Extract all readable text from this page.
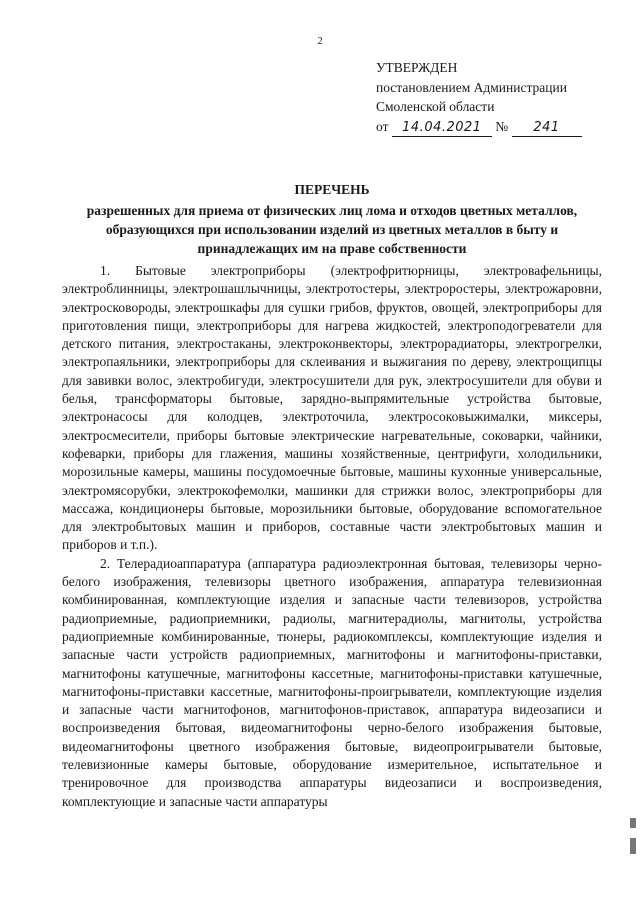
2
УТВЕРЖДЕН
постановлением Администрации
Смоленской области
от 14.04.2021 № 241
ПЕРЕЧЕНЬ
разрешенных для приема от физических лиц лома и отходов цветных металлов, образующихся при использовании изделий из цветных металлов в быту и принадлежащих им на праве собственности

1. Бытовые электроприборы (электрофритюрницы, электровафельницы, электроблинницы, электрошашлычницы, электротостеры, электроростеры, электрожаровни, электросковороды, электрошкафы для сушки грибов, фруктов, овощей, электроприборы для приготовления пищи, электроприборы для нагрева жидкостей, электроподогреватели для детского питания, электростаканы, электроконвекторы, электрорадиаторы, электрогрелки, электропаяльники, электроприборы для склеивания и выжигания по дереву, электрощипцы для завивки волос, электробигуди, электросушители для рук, электросушители для обуви и белья, трансформаторы бытовые, зарядно-выпрямительные устройства бытовые, электронасосы для колодцев, электроточила, электросоковыжималки, миксеры, электросмесители, приборы бытовые электрические нагревательные, соковарки, чайники, кофеварки, приборы для глажения, машины хозяйственные, центрифуги, холодильники, морозильные камеры, машины посудомоечные бытовые, машины кухонные универсальные, электромясорубки, электрокофемолки, машинки для стрижки волос, электроприборы для массажа, кондиционеры бытовые, морозильники бытовые, оборудование вспомогательное для электробытовых машин и приборов, составные части электробытовых машин и приборов и т.п.).

2. Телерадиоаппаратура (аппаратура радиоэлектронная бытовая, телевизоры черно-белого изображения, телевизоры цветного изображения, аппаратура телевизионная комбинированная, комплектующие изделия и запасные части телевизоров, устройства радиоприемные, радиоприемники, радиолы, магнитерадиолы, магнитолы, устройства радиоприемные комбинированные, тюнеры, радиокомплексы, комплектующие изделия и запасные части устройств радиоприемных, магнитофоны и магнитофоны-приставки, магнитофоны катушечные, магнитофоны кассетные, магнитофоны-приставки катушечные, магнитофоны-приставки кассетные, магнитофоны-проигрыватели, комплектующие изделия и запасные части магнитофонов, магнитофонов-приставок, аппаратура видеозаписи и воспроизведения бытовая, видеомагнитофоны черно-белого изображения бытовые, видеомагнитофоны цветного изображения бытовые, видеопроигрыватели бытовые, телевизионные камеры бытовые, оборудование измерительное, испытательное и тренировочное для производства аппаратуры видеозаписи и воспроизведения, комплектующие и запасные части аппаратуры
